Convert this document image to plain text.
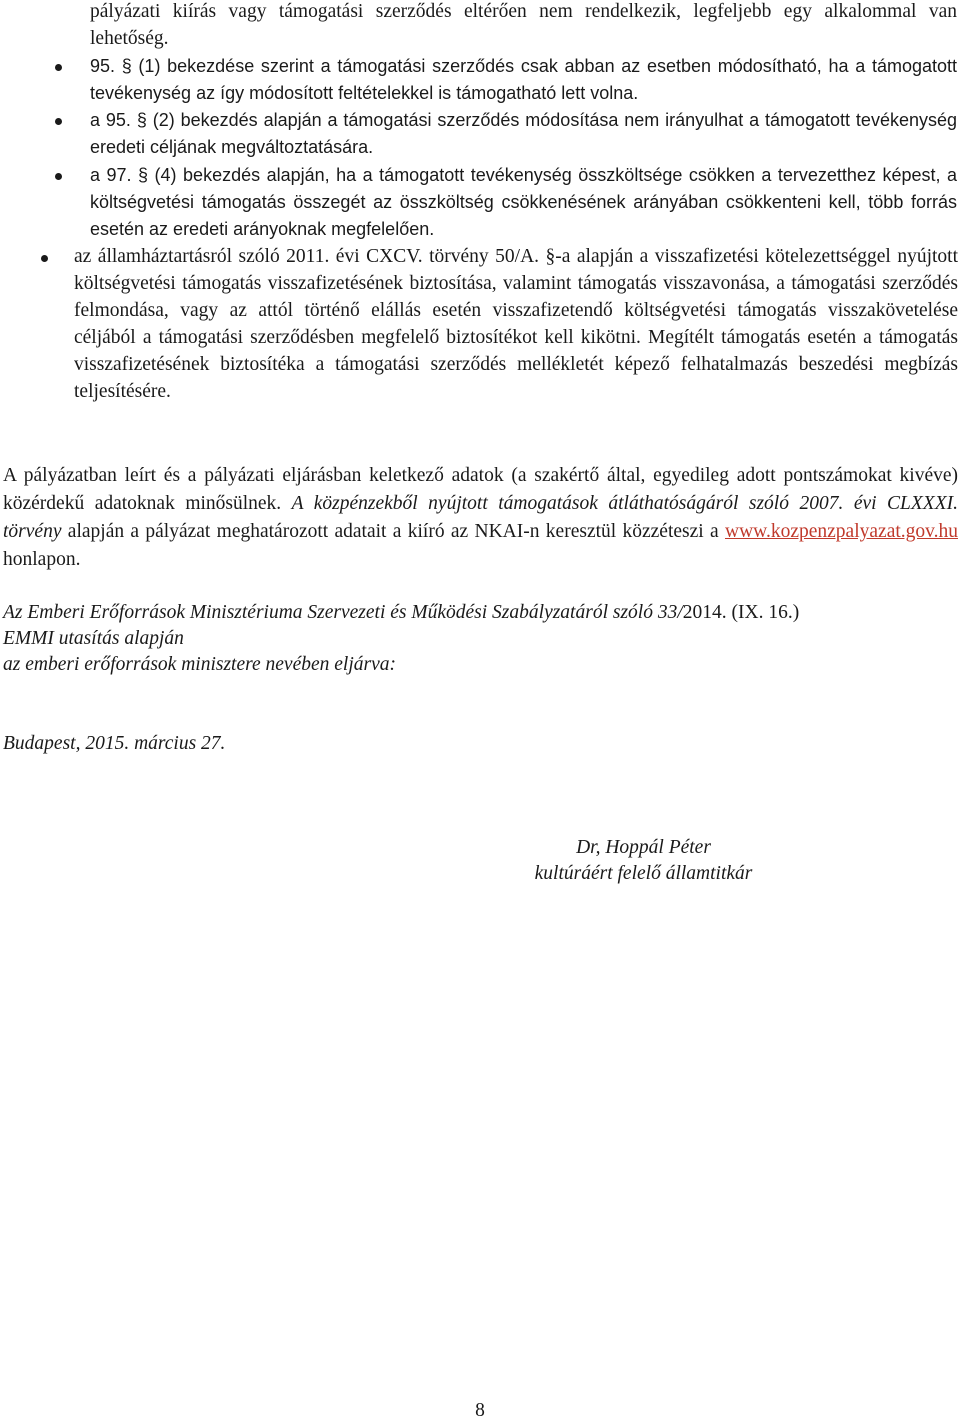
pályázati kiírás vagy támogatási szerződés eltérően nem rendelkezik, legfeljebb egy alkalommal van lehetőség.
95. § (1) bekezdése szerint a támogatási szerződés csak abban az esetben módosítható, ha a támogatott tevékenység az így módosított feltételekkel is támogatható lett volna.
a 95. § (2) bekezdés alapján a támogatási szerződés módosítása nem irányulhat a támogatott tevékenység eredeti céljának megváltoztatására.
a 97. § (4) bekezdés alapján, ha a támogatott tevékenység összköltsége csökken a tervezetthez képest, a költségvetési támogatás összegét az összköltség csökkenésének arányában csökkenteni kell, több forrás esetén az eredeti arányoknak megfelelően.
az államháztartásról szóló 2011. évi CXCV. törvény 50/A. §-a alapján a visszafizetési kötelezettséggel nyújtott költségvetési támogatás visszafizetésének biztosítása, valamint támogatás visszavonása, a támogatási szerződés felmondása, vagy az attól történő elállás esetén visszafizetendő költségvetési támogatás visszakövetelése céljából a támogatási szerződésben megfelelő biztosítékot kell kikötni. Megítélt támogatás esetén a támogatás visszafizetésének biztosítéka a támogatási szerződés mellékletét képező felhatalmazás beszedési megbízás teljesítésére.
A pályázatban leírt és a pályázati eljárásban keletkező adatok (a szakértő által, egyedileg adott pontszámokat kivéve) közérdekű adatoknak minősülnek. A közpénzekből nyújtott támogatások átláthatóságáról szóló 2007. évi CLXXXI. törvény alapján a pályázat meghatározott adatait a kiíró az NKAI-n keresztül közzéteszi a www.kozpenzpalyazat.gov.hu honlapon.
Az Emberi Erőforrások Minisztériuma Szervezeti és Működési Szabályzatáról szóló 33/2014. (IX. 16.)
EMMI utasítás alapján
az emberi erőforrások minisztere nevében eljárva:
Budapest, 2015. március 27.
Dr, Hoppál Péter
kultúráért felelő államtitkár
8
